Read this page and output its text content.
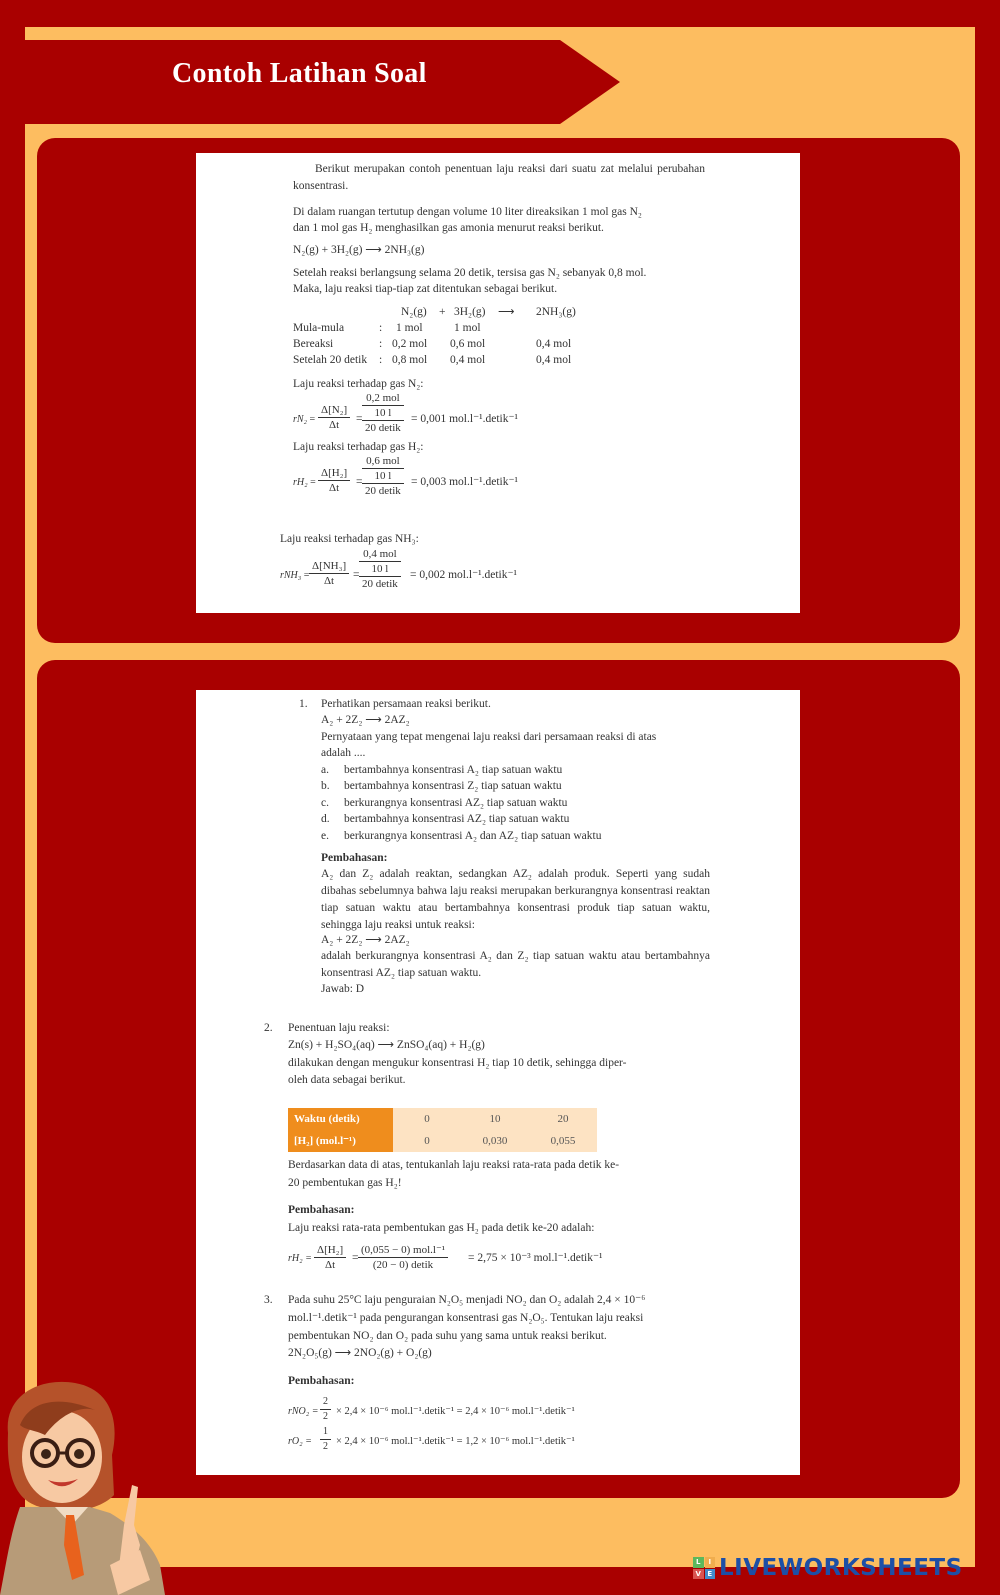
Contoh Latihan Soal
Berikut merupakan contoh penentuan laju reaksi dari suatu zat melalui perubahan konsentrasi.
Di dalam ruangan tertutup dengan volume 10 liter direaksikan 1 mol gas N₂
dan 1 mol gas H₂ menghasilkan gas amonia menurut reaksi berikut.
N₂(g) + 3H₂(g) ⟶ 2NH₃(g)
Setelah reaksi berlangsung selama 20 detik, tersisa gas N₂ sebanyak 0,8 mol.
Maka, laju reaksi tiap-tiap zat ditentukan sebagai berikut.
N₂(g) + 3H₂(g) ⟶ 2NH₃(g)
Mula-mula	: 1 mol	1 mol
Bereaksi	: 0,2 mol 0,6 mol	0,4 mol
Setelah 20 detik : 0,8 mol 0,4 mol	0,4 mol
Laju reaksi terhadap gas N₂:
$rN_2 = \frac{\text{Δ[N₂]}}{\Delta t}$ =
0,2 mol
10 l
20 detik
= 0,001 mol.l⁻¹.detik⁻¹
Laju reaksi terhadap gas H₂:
$rH_2 = \frac{\text{Δ[H₂]}}{\Delta t}$ =
0,6 mol
10 l
20 detik
= 0,003 mol.l⁻¹.detik⁻¹
Laju reaksi terhadap gas NH₃:
$rNH_3 = \frac{\text{Δ[NH₃]}}{\Delta t}$ =
0,4 mol
10 l
20 detik
= 0,002 mol.l⁻¹.detik⁻¹
1. Perhatikan persamaan reaksi berikut.
A₂ + 2Z₂ ⟶ 2AZ₂
Pernyataan yang tepat mengenai laju reaksi dari persamaan reaksi di atas
adalah ....
a. bertambahnya konsentrasi A₂ tiap satuan waktu
b. bertambahnya konsentrasi Z₂ tiap satuan waktu
c. berkurangnya konsentrasi AZ₂ tiap satuan waktu
d. bertambahnya konsentrasi AZ₂ tiap satuan waktu
e. berkurangnya konsentrasi A₂ dan AZ₂ tiap satuan waktu
Pembahasan:
A₂ dan Z₂ adalah reaktan, sedangkan AZ₂ adalah produk. Seperti yang sudah dibahas sebelumnya bahwa laju reaksi merupakan berkurangnya konsentrasi reaktan tiap satuan waktu atau bertambahnya konsentrasi produk tiap satuan waktu, sehingga laju reaksi untuk reaksi:
A₂ + 2Z₂ ⟶ 2AZ₂
adalah berkurangnya konsentrasi A₂ dan Z₂ tiap satuan waktu atau bertambahnya konsentrasi AZ₂ tiap satuan waktu.
Jawab: D
2. Penentuan laju reaksi:
Zn(s) + H₂SO₄(aq) ⟶ ZnSO₄(aq) + H₂(g)
dilakukan dengan mengukur konsentrasi H₂ tiap 10 detik, sehingga diper-
oleh data sebagai berikut.
Waktu (detik)	0	10	20
[H₂] (mol.l⁻¹)	0	0,030	0,055
Berdasarkan data di atas, tentukanlah laju reaksi rata-rata pada detik ke-
20 pembentukan gas H₂!
Pembahasan:
Laju reaksi rata-rata pembentukan gas H₂ pada detik ke-20 adalah:
$rH_2 = \frac{\text{Δ[H₂]}}{\Delta t}$ =
(0,055 − 0) mol.l⁻¹
(20 − 0) detik
= 2,75 × 10⁻³ mol.l⁻¹.detik⁻¹
3. Pada suhu 25°C laju penguraian N₂O₅ menjadi NO₂ dan O₂ adalah 2,4 × 10⁻⁶
mol.l⁻¹.detik⁻¹ pada pengurangan konsentrasi gas N₂O₅. Tentukan laju reaksi
pembentukan NO₂ dan O₂ pada suhu yang sama untuk reaksi berikut.
2N₂O₅(g) ⟶ 2NO₂(g) + O₂(g)
Pembahasan:
$rNO_2 = \frac{2}{2} \times 2,4 \times 10^{-6}$ mol.l⁻¹.detik⁻¹ = 2,4 × 10⁻⁶ mol.l⁻¹.detik⁻¹
$rO_2 = \frac{1}{2} \times 2,4 \times 10^{-6}$ mol.l⁻¹.detik⁻¹ = 1,2 × 10⁻⁶ mol.l⁻¹.detik⁻¹
L	I
V E LIVEWORKSHEETS
